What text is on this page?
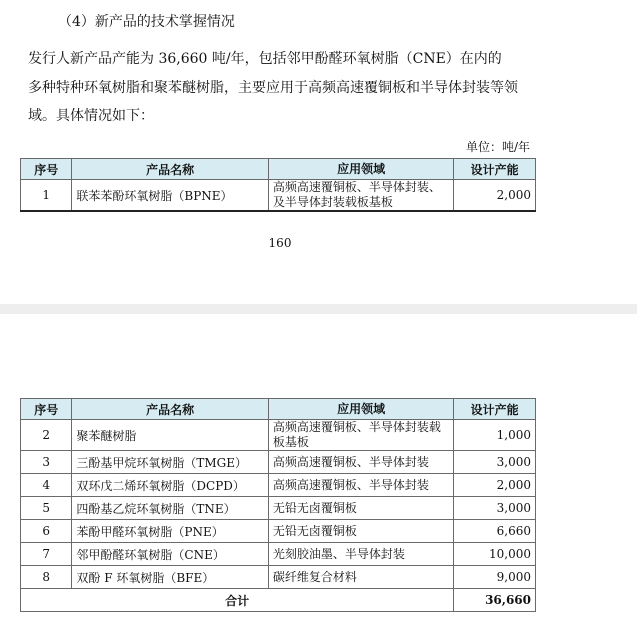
（4）新产品的技术掌握情况
发行人新产品产能为 36,660 吨/年，包括邻甲酚醛环氧树脂（CNE）在内的
多种特种环氧树脂和聚苯醚树脂，主要应用于高频高速覆铜板和半导体封装等领
域。具体情况如下：
单位：吨/年
序号	产品名称	应用领域	设计产能
1	联苯苯酚环氧树脂（BPNE）	高频高速覆铜板、半导体封装、及半导体封装载板基板	2,000
160
序号	产品名称	应用领域	设计产能
2	聚苯醚树脂	高频高速覆铜板、半导体封装载板基板	1,000
3	三酚基甲烷环氧树脂（TMGE）	高频高速覆铜板、半导体封装	3,000
4	双环戊二烯环氧树脂（DCPD）	高频高速覆铜板、半导体封装	2,000
5	四酚基乙烷环氧树脂（TNE）	无铅无卤覆铜板	3,000
6	苯酚甲醛环氧树脂（PNE）	无铅无卤覆铜板	6,660
7	邻甲酚醛环氧树脂（CNE）	光刻胶油墨、半导体封装	10,000
8	双酚 F 环氧树脂（BFE）	碳纤维复合材料	9,000
合计			36,660
